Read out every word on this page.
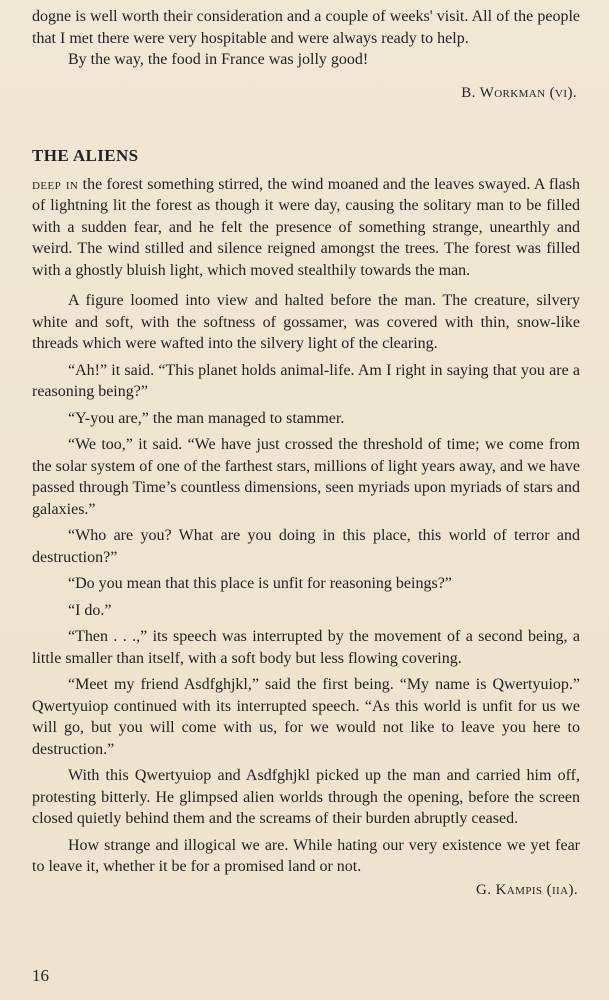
dogne is well worth their consideration and a couple of weeks' visit. All of the people that I met there were very hospitable and were always ready to help.

By the way, the food in France was jolly good!

B. Workman (vi).

THE ALIENS

deep in the forest something stirred, the wind moaned and the leaves swayed. A flash of lightning lit the forest as though it were day, causing the solitary man to be filled with a sudden fear, and he felt the presence of something strange, unearthly and weird. The wind stilled and silence reigned amongst the trees. The forest was filled with a ghostly bluish light, which moved stealthily towards the man.

A figure loomed into view and halted before the man. The creature, silvery white and soft, with the softness of gossamer, was covered with thin, snow-like threads which were wafted into the silvery light of the clearing.

“Ah!” it said. “This planet holds animal-life. Am I right in saying that you are a reasoning being?”

“Y-you are,” the man managed to stammer.

“We too,” it said. “We have just crossed the threshold of time; we come from the solar system of one of the farthest stars, millions of light years away, and we have passed through Time’s countless dimensions, seen myriads upon myriads of stars and galaxies.”

“Who are you? What are you doing in this place, this world of terror and destruction?”

“Do you mean that this place is unfit for reasoning beings?”

“I do.”

“Then . . .,” its speech was interrupted by the movement of a second being, a little smaller than itself, with a soft body but less flowing covering.

“Meet my friend Asdfghjkl,” said the first being. “My name is Qwertyuiop.” Qwertyuiop continued with its interrupted speech. “As this world is unfit for us we will go, but you will come with us, for we would not like to leave you here to destruction.”

With this Qwertyuiop and Asdfghjkl picked up the man and carried him off, protesting bitterly. He glimpsed alien worlds through the opening, before the screen closed quietly behind them and the screams of their burden abruptly ceased.

How strange and illogical we are. While hating our very existence we yet fear to leave it, whether it be for a promised land or not.

G. Kampis (iia).

16
